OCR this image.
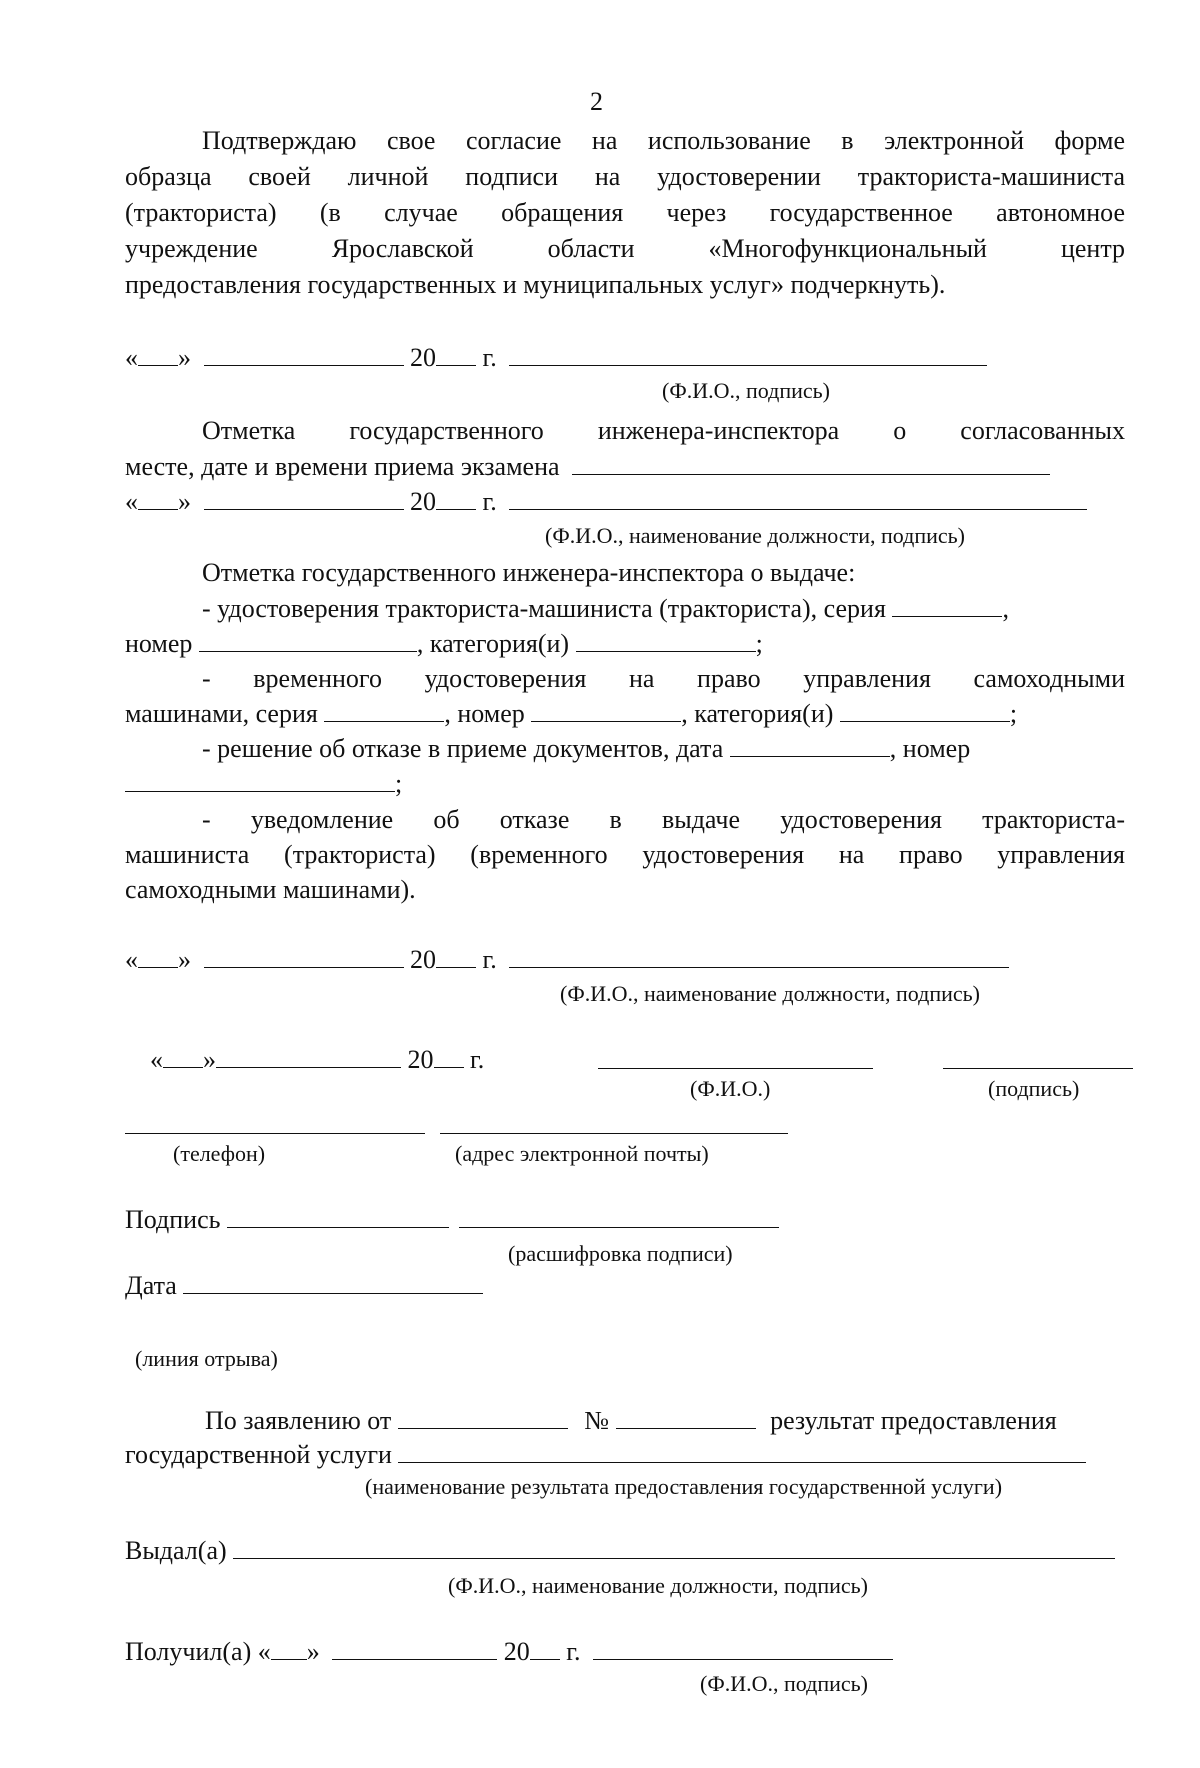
2
Подтверждаю свое согласие на использование в электронной форме
образца своей личной подписи на удостоверении тракториста-машиниста
(тракториста) (в случае обращения через государственное автономное
учреждение Ярославской области «Многофункциональный центр
предоставления государственных и муниципальных услуг» подчеркнуть).
« »	20 г.
(Ф.И.О., подпись)
Отметка государственного инженера-инспектора о согласованных
месте, дате и времени приема экзамена
« »	20 г.
(Ф.И.О., наименование должности, подпись)
Отметка государственного инженера-инспектора о выдаче:
- удостоверения тракториста-машиниста (тракториста), серия	,
номер	, категория(и)	;
- временного удостоверения на право управления самоходными
машинами, серия	, номер	, категория(и)	;
- решение об отказе в приеме документов, дата	, номер
;
- уведомление об отказе в выдаче удостоверения тракториста-
машиниста (тракториста) (временного удостоверения на право управления
самоходными машинами).
« »	20 г.
(Ф.И.О., наименование должности, подпись)
« »	20 г.
(Ф.И.О.)	(подпись)
(телефон)	(адрес электронной почты)
Подпись
(расшифровка подписи)
Дата
(линия отрыва)
По заявлению от	№	результат предоставления
государственной услуги
(наименование результата предоставления государственной услуги)
Выдал(а)
(Ф.И.О., наименование должности, подпись)
Получил(а) « »	20 г.
(Ф.И.О., подпись)
